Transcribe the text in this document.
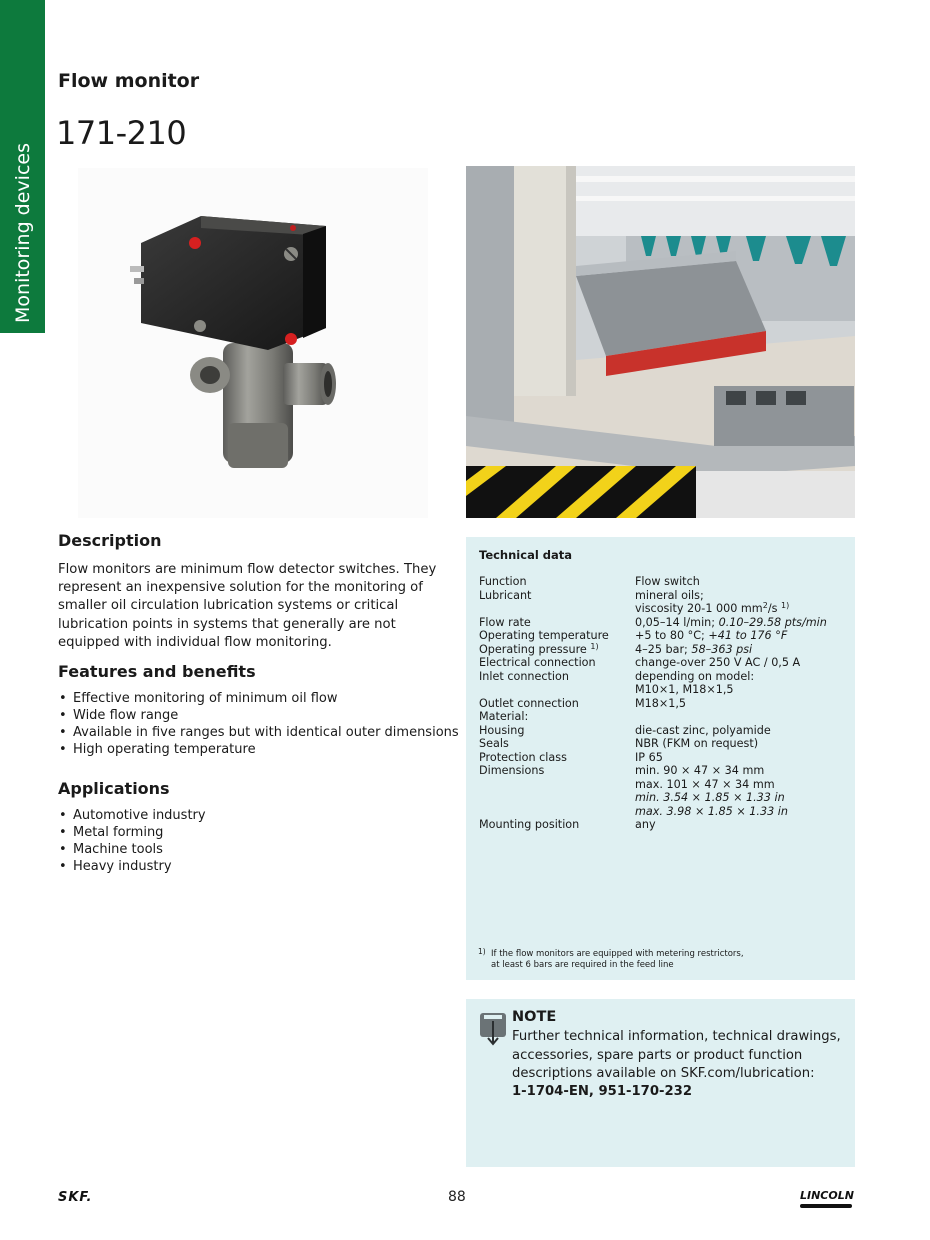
Monitoring devices
Flow monitor
171-210
Description
Flow monitors are minimum flow detector switches. They represent an inexpensive solution for the monitoring of smaller oil circulation lubrication systems or critical lubrication points in systems that generally are not equipped with individual flow monitoring.
Features and benefits
• Effective monitoring of minimum oil flow
• Wide flow range
• Available in five ranges but with identical outer dimensions
• High operating temperature
Applications
• Automotive industry
• Metal forming
• Machine tools
• Heavy industry
Technical data
Function	Flow switch
Lubricant	mineral oils;
viscosity 20-1 000 $mm^2/s$ $^{1)}$
Flow rate	0,05–14 l/min; 0.10–29.58 pts/min
Operating temperature	+5 to 80 °C; +41 to 176 °F
Operating pressure $^{1)}$	4–25 bar; 58–363 psi
Electrical connection	change-over 250 V AC / 0,5 A
Inlet connection	depending on model:
M10×1, M18×1,5
Outlet connection	M18×1,5
Material:	
Housing	die-cast zinc, polyamide
Seals	NBR (FKM on request)
Protection class	IP 65
Dimensions	min. 90 × 47 × 34 mm
max. 101 × 47 × 34 mm
min. 3.54 × 1.85 × 1.33 in
max. 3.98 × 1.85 × 1.33 in
Mounting position	any
1) If the flow monitors are equipped with metering restrictors,
at least 6 bars are required in the feed line
NOTE
Further technical information, technical drawings, accessories, spare parts or product function descriptions available on SKF.com/lubrication:
1-1704-EN, 951-170-232
SKF.	88	LINCOLN
